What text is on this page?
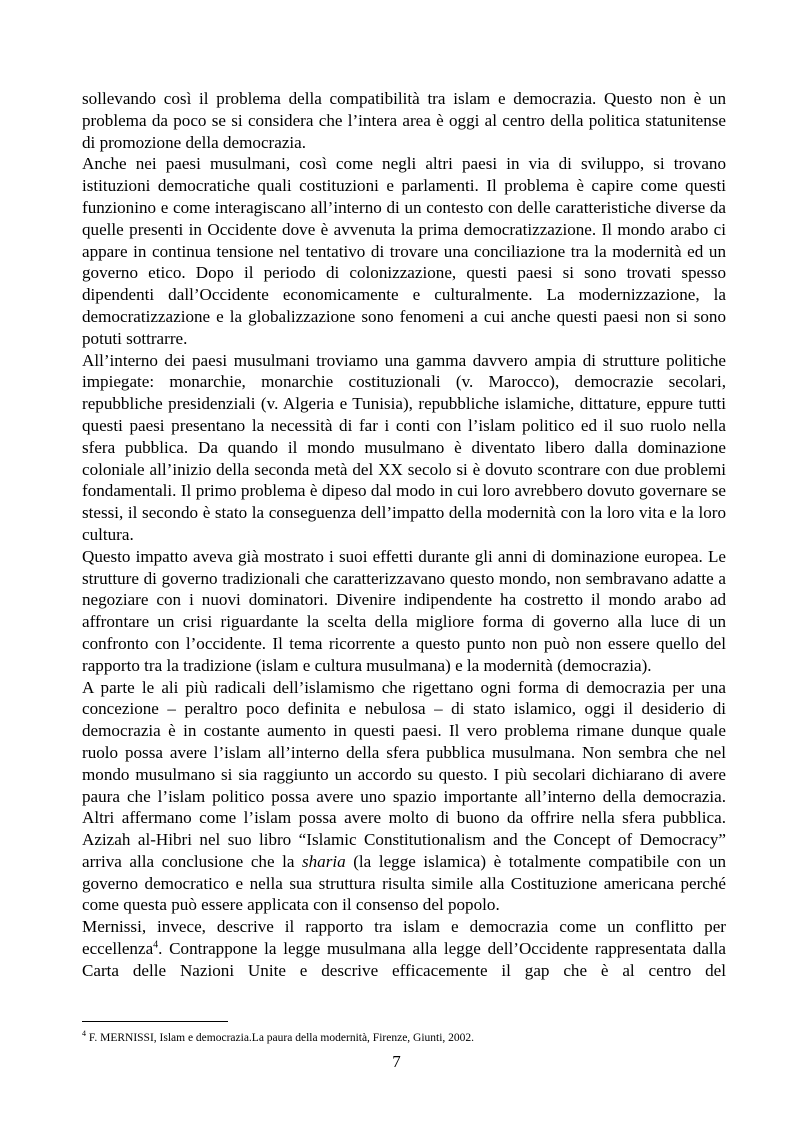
sollevando così il problema della compatibilità tra islam e democrazia. Questo non è un problema da poco se si considera che l’intera area è oggi al centro della politica statunitense di promozione della democrazia.

Anche nei paesi musulmani, così come negli altri paesi in via di sviluppo, si trovano istituzioni democratiche quali costituzioni e parlamenti. Il problema è capire come questi funzionino e come interagiscano all’interno di un contesto con delle caratteristiche diverse da quelle presenti in Occidente dove è avvenuta la prima democratizzazione. Il mondo arabo ci appare in continua tensione nel tentativo di trovare una conciliazione tra la modernità ed un governo etico. Dopo il periodo di colonizzazione, questi paesi si sono trovati spesso dipendenti dall’Occidente economicamente e culturalmente. La modernizzazione, la democratizzazione e la globalizzazione sono fenomeni a cui anche questi paesi non si sono potuti sottrarre.

All’interno dei paesi musulmani troviamo una gamma davvero ampia di strutture politiche impiegate: monarchie, monarchie costituzionali (v. Marocco), democrazie secolari, repubbliche presidenziali (v. Algeria e Tunisia), repubbliche islamiche, dittature, eppure tutti questi paesi presentano la necessità di far i conti con l’islam politico ed il suo ruolo nella sfera pubblica. Da quando il mondo musulmano è diventato libero dalla dominazione coloniale all’inizio della seconda metà del XX secolo si è dovuto scontrare con due problemi fondamentali. Il primo problema è dipeso dal modo in cui loro avrebbero dovuto governare se stessi, il secondo è stato la conseguenza dell’impatto della modernità con la loro vita e la loro cultura.

Questo impatto aveva già mostrato i suoi effetti durante gli anni di dominazione europea. Le strutture di governo tradizionali che caratterizzavano questo mondo, non sembravano adatte a negoziare con i nuovi dominatori. Divenire indipendente ha costretto il mondo arabo ad affrontare un crisi riguardante la scelta della migliore forma di governo alla luce di un confronto con l’occidente. Il tema ricorrente a questo punto non può non essere quello del rapporto tra la tradizione (islam e cultura musulmana) e la modernità (democrazia).

A parte le ali più radicali dell’islamismo che rigettano ogni forma di democrazia per una concezione – peraltro poco definita e nebulosa – di stato islamico, oggi il desiderio di democrazia è in costante aumento in questi paesi. Il vero problema rimane dunque quale ruolo possa avere l’islam all’interno della sfera pubblica musulmana. Non sembra che nel mondo musulmano si sia raggiunto un accordo su questo. I più secolari dichiarano di avere paura che l’islam politico possa avere uno spazio importante all’interno della democrazia. Altri affermano come l’islam possa avere molto di buono da offrire nella sfera pubblica. Azizah al-Hibri nel suo libro “Islamic Constitutionalism and the Concept of Democracy” arriva alla conclusione che la sharia (la legge islamica) è totalmente compatibile con un governo democratico e nella sua struttura risulta simile alla Costituzione americana perché come questa può essere applicata con il consenso del popolo.

Mernissi, invece, descrive il rapporto tra islam e democrazia come un conflitto per eccellenza$^4$. Contrappone la legge musulmana alla legge dell’Occidente rappresentata dalla Carta delle Nazioni Unite e descrive efficacemente il gap che è al centro del

$^4$ F. MERNISSI, Islam e democrazia.La paura della modernità, Firenze, Giunti, 2002.
7
